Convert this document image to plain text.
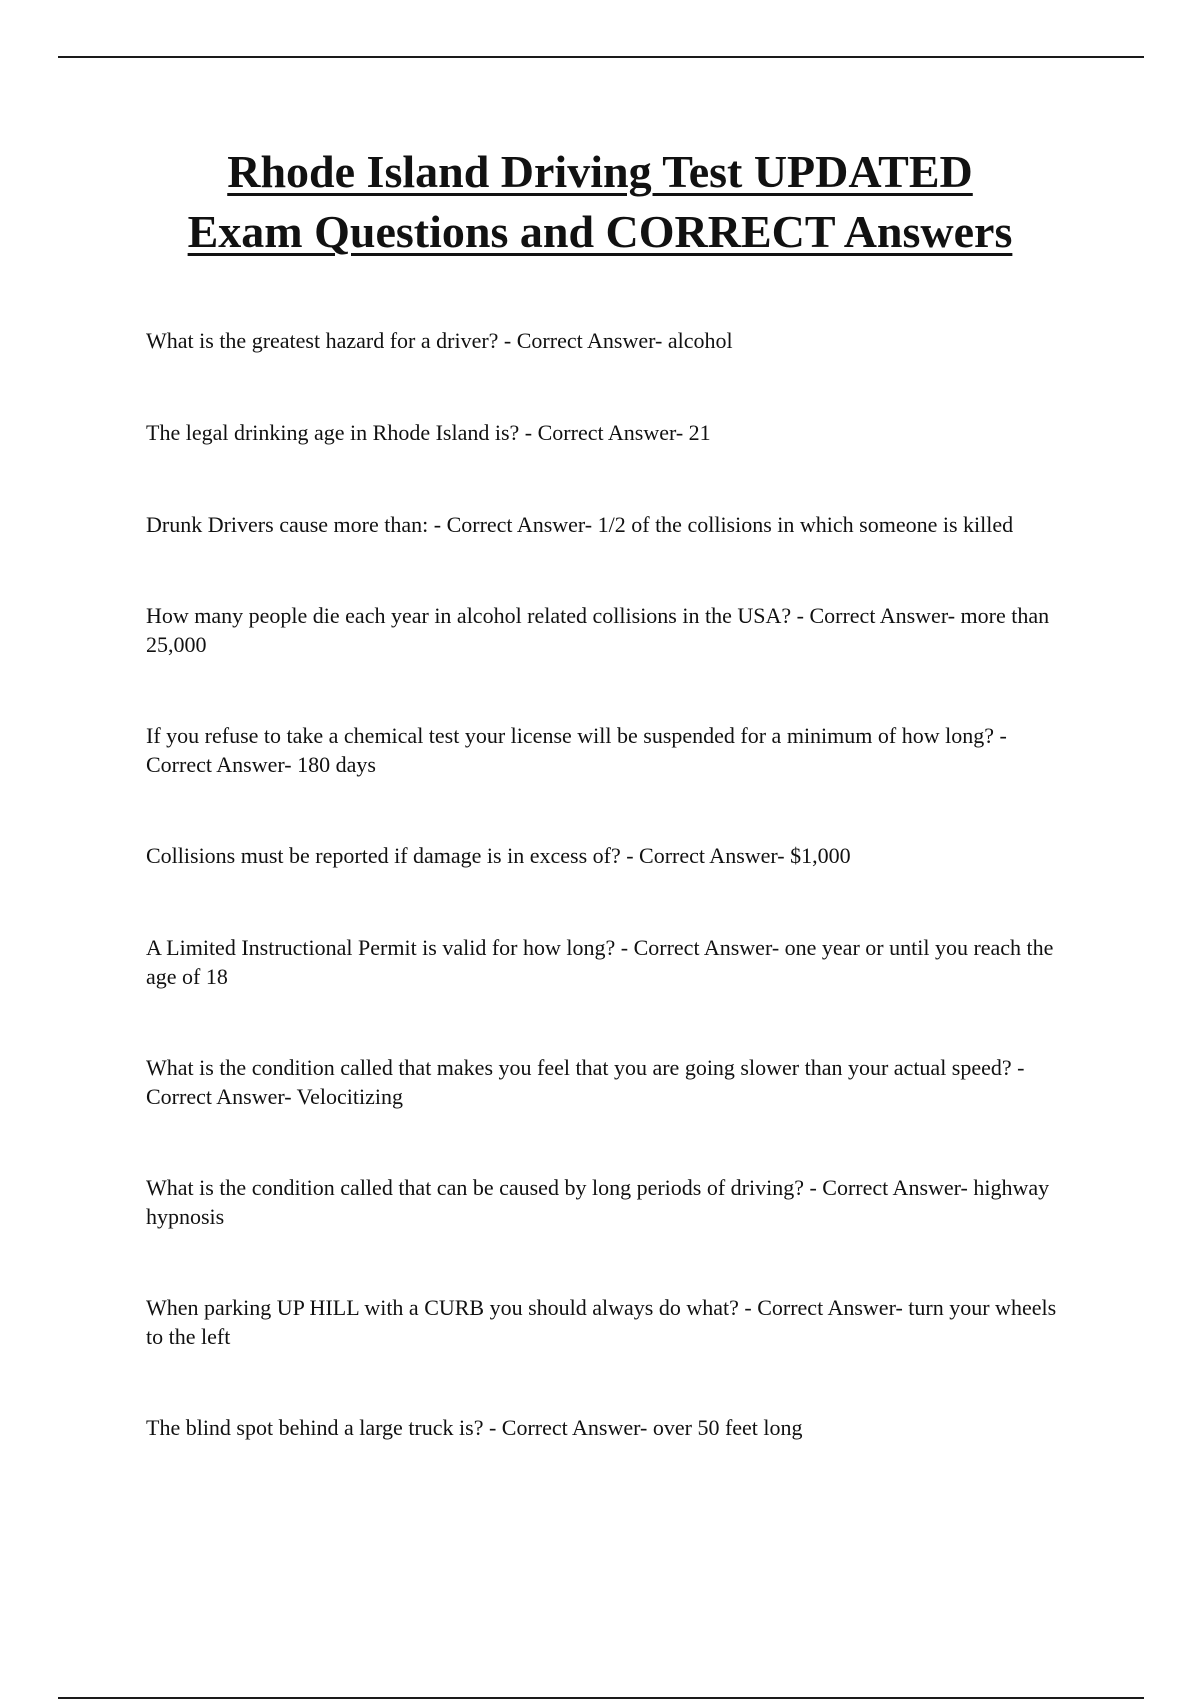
Rhode Island Driving Test UPDATED
Exam Questions and CORRECT Answers
What is the greatest hazard for a driver? - Correct Answer- alcohol
The legal drinking age in Rhode Island is? - Correct Answer- 21
Drunk Drivers cause more than: - Correct Answer- 1/2 of the collisions in which someone is killed
How many people die each year in alcohol related collisions in the USA? - Correct Answer- more than 25,000
If you refuse to take a chemical test your license will be suspended for a minimum of how long? - Correct Answer- 180 days
Collisions must be reported if damage is in excess of? - Correct Answer- $1,000
A Limited Instructional Permit is valid for how long? - Correct Answer- one year or until you reach the age of 18
What is the condition called that makes you feel that you are going slower than your actual speed? - Correct Answer- Velocitizing
What is the condition called that can be caused by long periods of driving? - Correct Answer- highway hypnosis
When parking UP HILL with a CURB you should always do what? - Correct Answer- turn your wheels to the left
The blind spot behind a large truck is? - Correct Answer- over 50 feet long
